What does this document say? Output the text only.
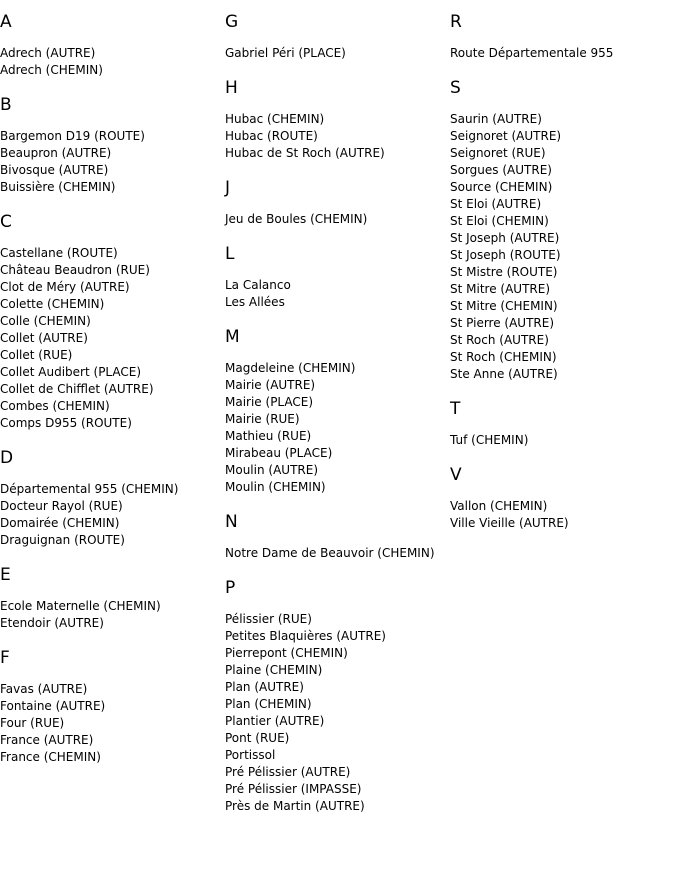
A
Adrech (AUTRE)
Adrech (CHEMIN)
B
Bargemon D19 (ROUTE)
Beaupron (AUTRE)
Bivosque (AUTRE)
Buissière (CHEMIN)
C
Castellane (ROUTE)
Château Beaudron (RUE)
Clot de Méry (AUTRE)
Colette (CHEMIN)
Colle (CHEMIN)
Collet (AUTRE)
Collet (RUE)
Collet Audibert (PLACE)
Collet de Chifflet (AUTRE)
Combes (CHEMIN)
Comps D955 (ROUTE)
D
Départemental 955 (CHEMIN)
Docteur Rayol (RUE)
Domairée (CHEMIN)
Draguignan (ROUTE)
E
Ecole Maternelle (CHEMIN)
Etendoir (AUTRE)
F
Favas (AUTRE)
Fontaine (AUTRE)
Four (RUE)
France (AUTRE)
France (CHEMIN)
G
Gabriel Péri (PLACE)
H
Hubac (CHEMIN)
Hubac (ROUTE)
Hubac de St Roch (AUTRE)
J
Jeu de Boules (CHEMIN)
L
La Calanco
Les Allées
M
Magdeleine (CHEMIN)
Mairie (AUTRE)
Mairie (PLACE)
Mairie (RUE)
Mathieu (RUE)
Mirabeau (PLACE)
Moulin (AUTRE)
Moulin (CHEMIN)
N
Notre Dame de Beauvoir (CHEMIN)
P
Pélissier (RUE)
Petites Blaquières (AUTRE)
Pierrepont (CHEMIN)
Plaine (CHEMIN)
Plan (AUTRE)
Plan (CHEMIN)
Plantier (AUTRE)
Pont (RUE)
Portissol
Pré Pélissier (AUTRE)
Pré Pélissier (IMPASSE)
Près de Martin (AUTRE)
R
Route Départementale 955
S
Saurin (AUTRE)
Seignoret (AUTRE)
Seignoret (RUE)
Sorgues (AUTRE)
Source (CHEMIN)
St Eloi (AUTRE)
St Eloi (CHEMIN)
St Joseph (AUTRE)
St Joseph (ROUTE)
St Mistre (ROUTE)
St Mitre (AUTRE)
St Mitre (CHEMIN)
St Pierre (AUTRE)
St Roch (AUTRE)
St Roch (CHEMIN)
Ste Anne (AUTRE)
T
Tuf (CHEMIN)
V
Vallon (CHEMIN)
Ville Vieille (AUTRE)
